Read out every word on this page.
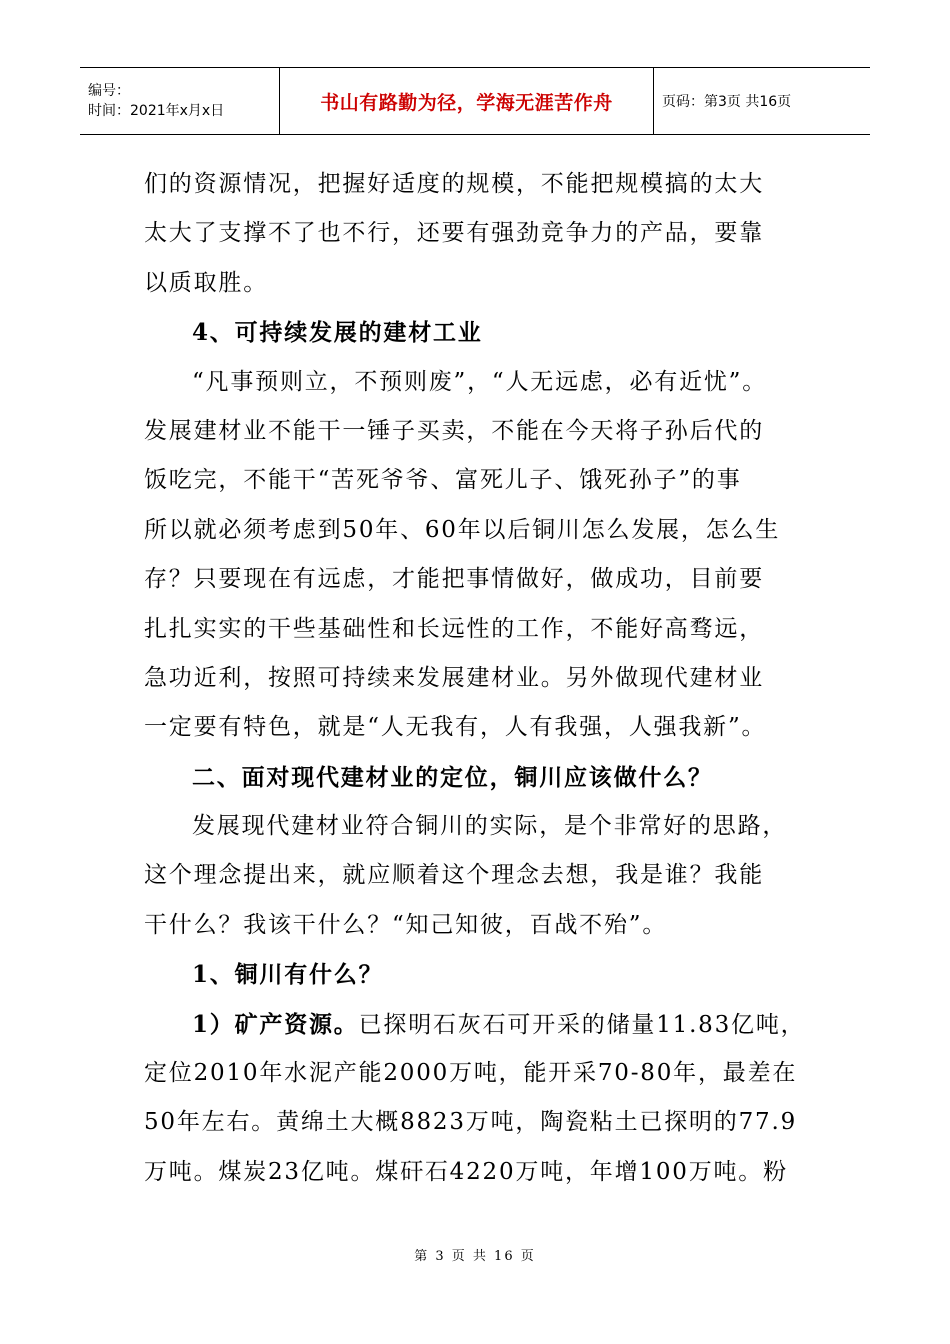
编号：
时间：2021年x月x日	书山有路勤为径，学海无涯苦作舟	页码：第3页 共16页
们的资源情况，把握好适度的规模，不能把规模搞的太大
太大了支撑不了也不行，还要有强劲竞争力的产品，要靠
以质取胜。
4、可持续发展的建材工业
“凡事预则立，不预则废”，“人无远虑，必有近忧”。
发展建材业不能干一锤子买卖，不能在今天将子孙后代的
饭吃完，不能干“苦死爷爷、富死儿子、饿死孙子”的事
所以就必须考虑到50年、60年以后铜川怎么发展，怎么生
存？只要现在有远虑，才能把事情做好，做成功，目前要
扎扎实实的干些基础性和长远性的工作，不能好高骛远，
急功近利，按照可持续来发展建材业。另外做现代建材业
一定要有特色，就是“人无我有，人有我强，人强我新”。
二、面对现代建材业的定位，铜川应该做什么？
发展现代建材业符合铜川的实际，是个非常好的思路，
这个理念提出来，就应顺着这个理念去想，我是谁？我能
干什么？我该干什么？“知己知彼，百战不殆”。
1、铜川有什么？
1）矿产资源。已探明石灰石可开采的储量11.83亿吨，
定位2010年水泥产能2000万吨，能开采70-80年，最差在
50年左右。黄绵土大概8823万吨，陶瓷粘土已探明的77.9
万吨。煤炭23亿吨。煤矸石4220万吨，年增100万吨。粉
第 3 页 共 16 页
